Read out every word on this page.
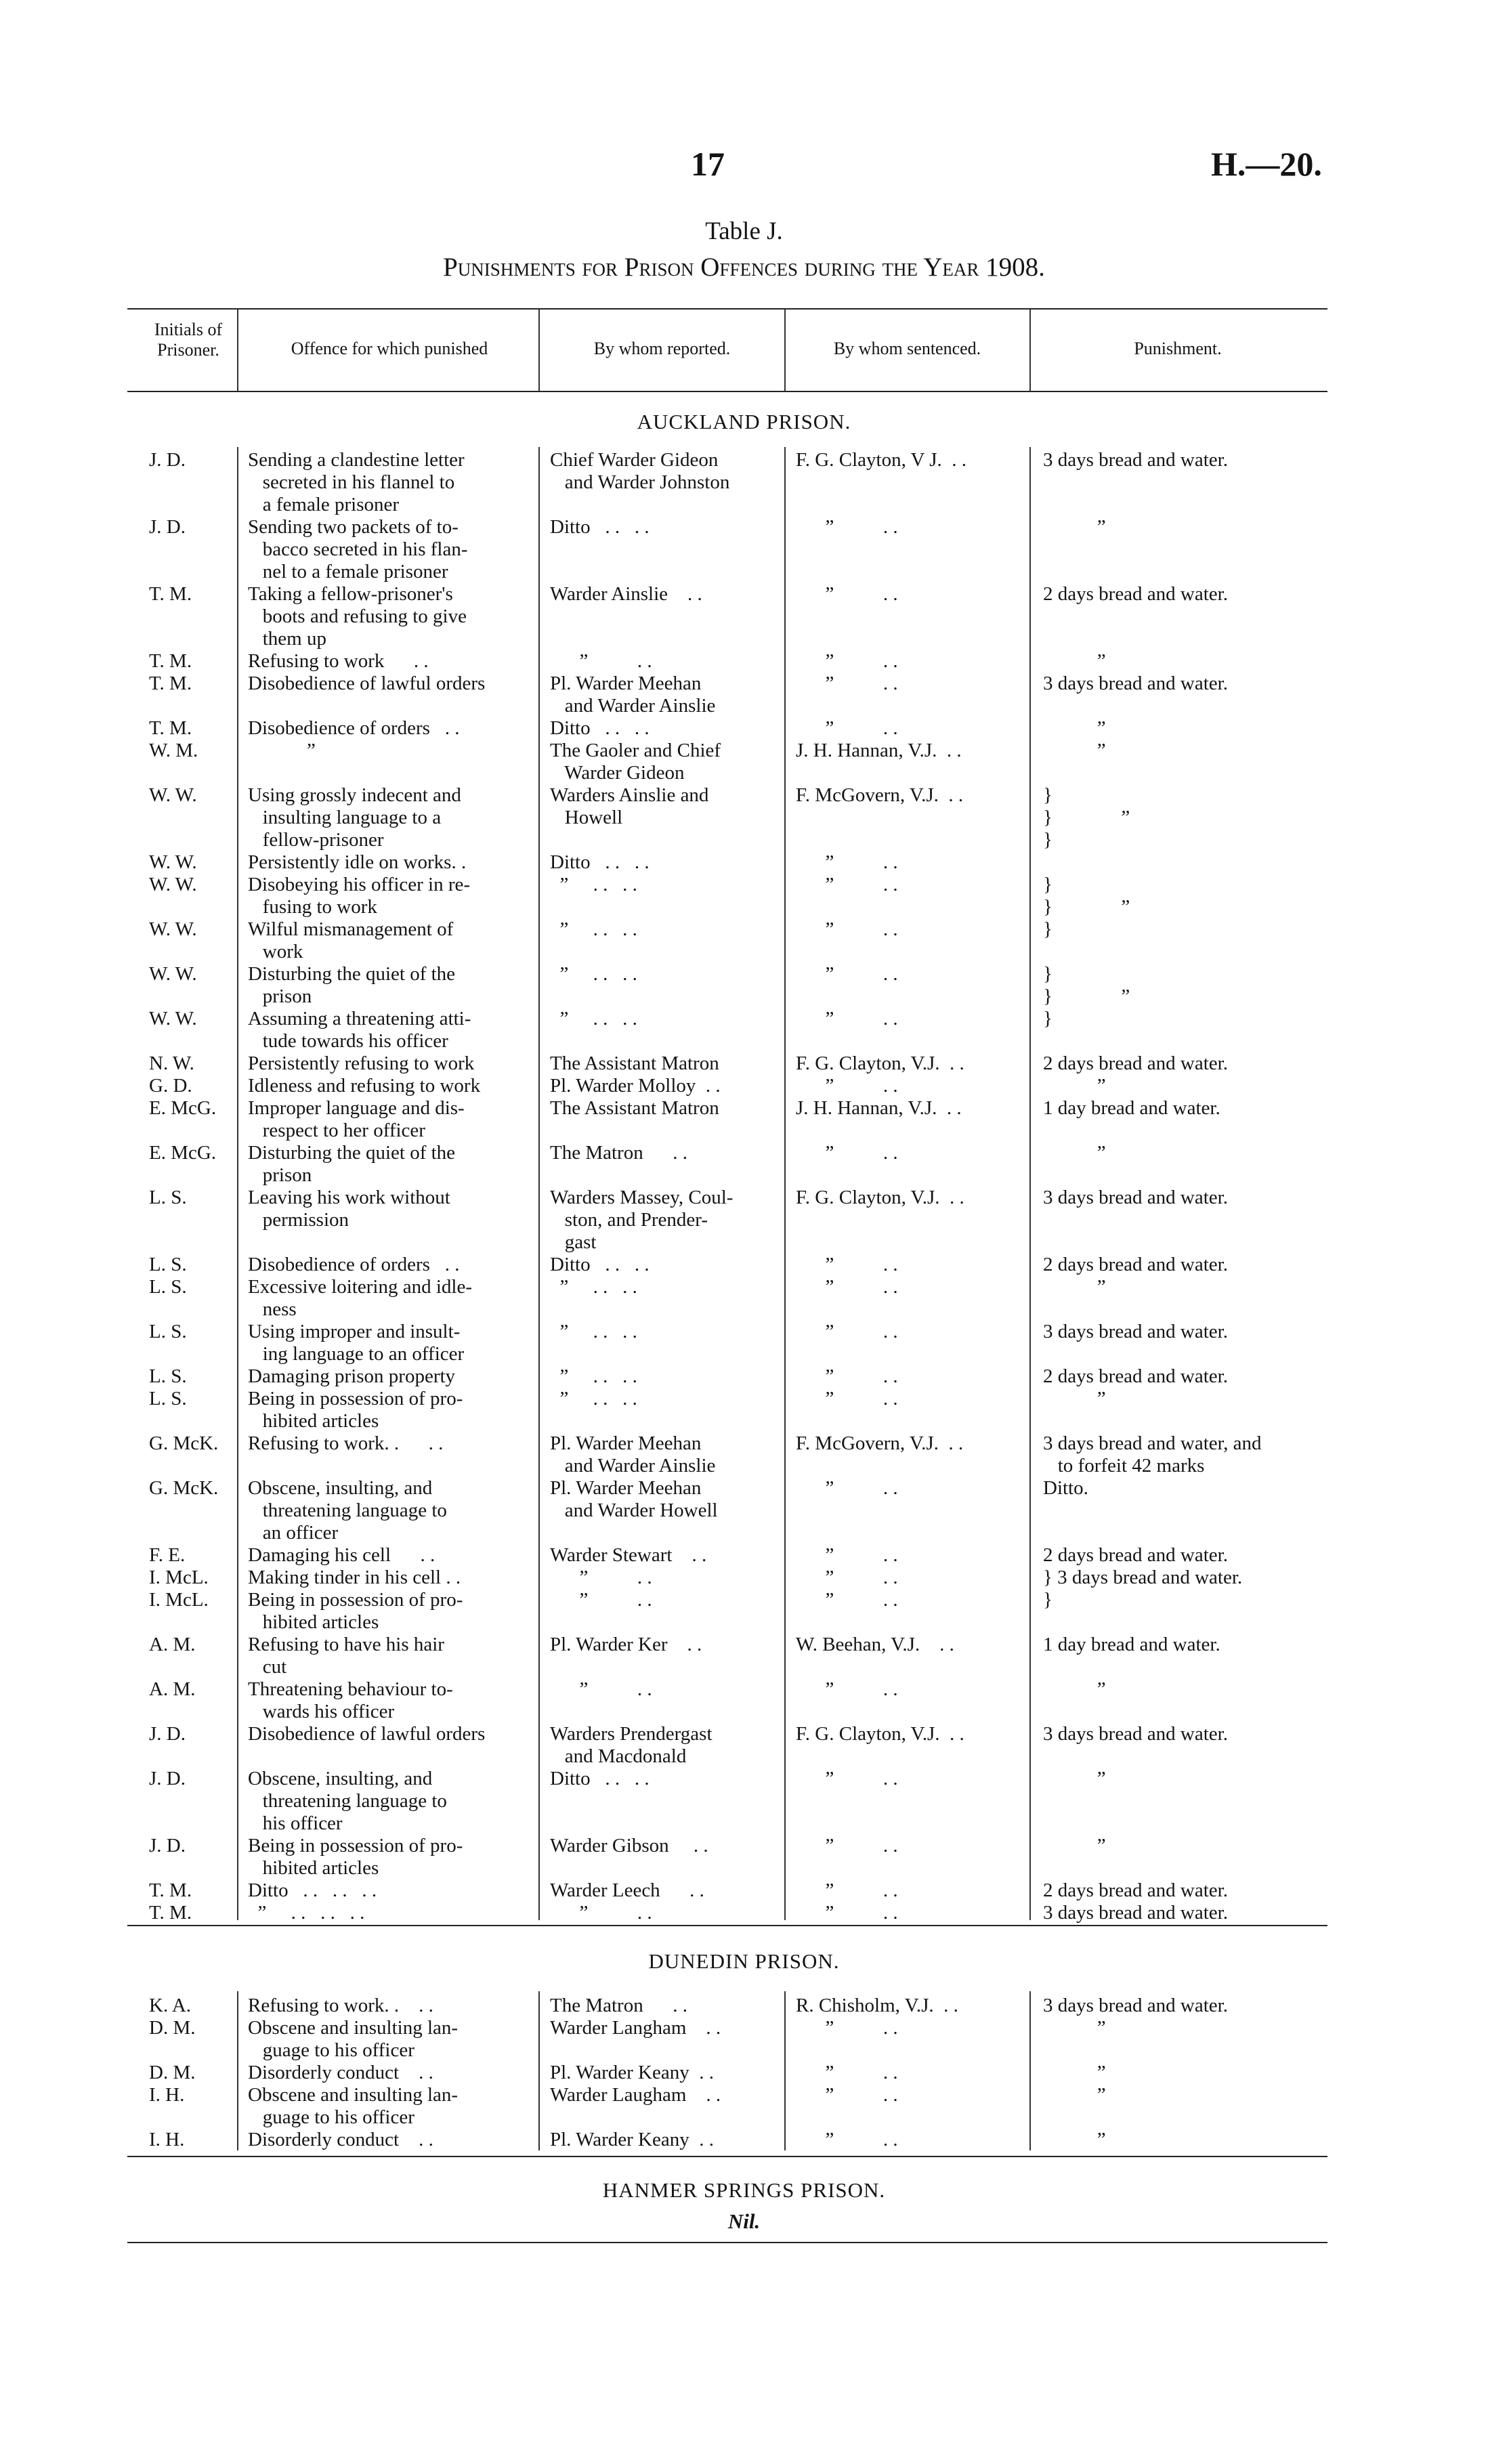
17	H.—20.
Table J.
Punishments for Prison Offences during the Year 1908.
Initials of Prisoner.	Offence for which punished	By whom reported.	By whom sentenced.	Punishment.
AUCKLAND PRISON.
DUNEDIN PRISON.
HANMER SPRINGS PRISON.
Nil.
J. D.	Sending a clandestine letter	Chief Warder Gideon	F. G. Clayton, V J.  . .	3 days bread and water.
secreted in his flannel to	and Warder Johnston
a female prisoner
J. D.	Sending two packets of to-	Ditto   . .   . .	”          . .	”
bacco secreted in his flan-
nel to a female prisoner
T. M.	Taking a fellow-prisoner's	Warder Ainslie    . .	”          . .	2 days bread and water.
boots and refusing to give
them up
T. M.	Refusing to work      . .	”          . .	”          . .	”
T. M.	Disobedience of lawful orders	Pl. Warder Meehan	”          . .	3 days bread and water.
and Warder Ainslie
T. M.	Disobedience of orders   . .	Ditto   . .   . .	”          . .	”
W. M.	”	The Gaoler and Chief	J. H. Hannan, V.J.  . .	”
Warder Gideon
W. W.	Using grossly indecent and	Warders Ainslie and	F. McGovern, V.J.  . .	}
insulting language to a	Howell	}              ”
fellow-prisoner	}
W. W.	Persistently idle on works. .	Ditto   . .   . .	”          . .
W. W.	Disobeying his officer in re-	”     . .   . .	”          . .	}
fusing to work	}              ”
W. W.	Wilful mismanagement of	”     . .   . .	”          . .	}
work
W. W.	Disturbing the quiet of the	”     . .   . .	”          . .	}
prison	}              ”
W. W.	Assuming a threatening atti-	”     . .   . .	”          . .	}
tude towards his officer
N. W.	Persistently refusing to work	The Assistant Matron	F. G. Clayton, V.J.  . .	2 days bread and water.
G. D.	Idleness and refusing to work	Pl. Warder Molloy  . .	”          . .	”
E. McG. Improper language and dis-	The Assistant Matron	J. H. Hannan, V.J.  . .	1 day bread and water.
respect to her officer
E. McG. Disturbing the quiet of the	The Matron      . .	”          . .	”
prison
L. S.	Leaving his work without	Warders Massey, Coul-	F. G. Clayton, V.J.  . .	3 days bread and water.
permission	ston, and Prender-
gast
L. S.	Disobedience of orders   . .	Ditto   . .   . .	”          . .	2 days bread and water.
L. S.	Excessive loitering and idle-	”     . .   . .	”          . .	”
ness
L. S.	Using improper and insult-	”     . .   . .	”          . .	3 days bread and water.
ing language to an officer
L. S.	Damaging prison property	”     . .   . .	”          . .	2 days bread and water.
L. S.	Being in possession of pro-	”     . .   . .	”          . .	”
hibited articles
G. McK. Refusing to work. .      . .	Pl. Warder Meehan	F. McGovern, V.J.  . .	3 days bread and water, and
and Warder Ainslie	to forfeit 42 marks
G. McK. Obscene, insulting, and	Pl. Warder Meehan	”          . .	Ditto.
threatening language to	and Warder Howell
an officer
F. E.	Damaging his cell      . .	Warder Stewart    . .	”          . .	2 days bread and water.
I. McL. Making tinder in his cell . .	”          . .	”          . .	} 3 days bread and water.
I. McL. Being in possession of pro-	”          . .	”          . .	}
hibited articles
A. M.	Refusing to have his hair	Pl. Warder Ker    . .	W. Beehan, V.J.    . .	1 day bread and water.
cut
A. M.	Threatening behaviour to-	”          . .	”          . .	”
wards his officer
J. D.	Disobedience of lawful orders	Warders Prendergast	F. G. Clayton, V.J.  . .	3 days bread and water.
and Macdonald
J. D.	Obscene, insulting, and	Ditto   . .   . .	”          . .	”
threatening language to
his officer
J. D.	Being in possession of pro-	Warder Gibson     . .	”          . .	”
hibited articles
T. M.	Ditto   . .   . .   . .	Warder Leech      . .	”          . .	2 days bread and water.
T. M.	”     . .   . .   . .	”          . .	”          . .	3 days bread and water.
K. A.	Refusing to work. .    . .	The Matron      . .	R. Chisholm, V.J.  . .	3 days bread and water.
D. M.	Obscene and insulting lan-	Warder Langham    . .	”          . .	”
guage to his officer
D. M.	Disorderly conduct    . .	Pl. Warder Keany  . .	”          . .	”
I. H.	Obscene and insulting lan-	Warder Laugham    . .	”          . .	”
guage to his officer
I. H.	Disorderly conduct    . .	Pl. Warder Keany  . .	”          . .	”
